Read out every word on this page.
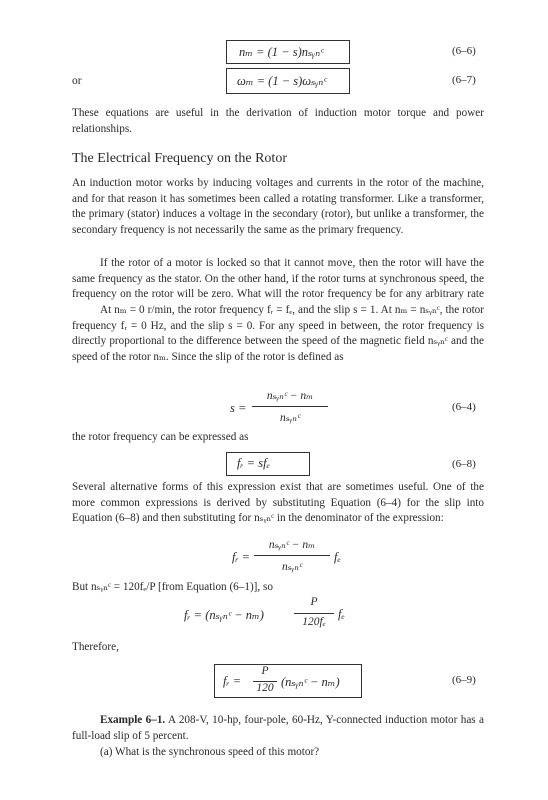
nₘ = (1 − s)nₛᵧₙᶜ	(6–6)
or	ωₘ = (1 − s)ωₛᵧₙᶜ	(6–7)
These equations are useful in the derivation of induction motor torque and power relationships.
The Electrical Frequency on the Rotor
An induction motor works by inducing voltages and currents in the rotor of the machine, and for that reason it has sometimes been called a rotating transformer. Like a transformer, the primary (stator) induces a voltage in the secondary (rotor), but unlike a transformer, the secondary frequency is not necessarily the same as the primary frequency.
If the rotor of a motor is locked so that it cannot move, then the rotor will have the same frequency as the stator. On the other hand, if the rotor turns at synchronous speed, the frequency on the rotor will be zero. What will the rotor frequency be for any arbitrary rate
At nₘ = 0 r/min, the rotor frequency fᵣ = fₑ, and the slip s = 1. At nₘ = nₛᵧₙᶜ, the rotor frequency fᵣ = 0 Hz, and the slip s = 0. For any speed in between, the rotor frequency is directly proportional to the difference between the speed of the magnetic field nₛᵧₙᶜ and the speed of the rotor nₘ. Since the slip of the rotor is defined as
s =
nₛᵧₙᶜ − nₘ
nₛᵧₙᶜ
(6–4)
the rotor frequency can be expressed as
fᵣ = sfₑ	(6–8)
Several alternative forms of this expression exist that are sometimes useful. One of the more common expressions is derived by substituting Equation (6–4) for the slip into Equation (6–8) and then substituting for nₛᵧₙᶜ in the denominator of the expression:
fᵣ =
nₛᵧₙᶜ − nₘ
nₛᵧₙᶜ
fₑ
But nₛᵧₙᶜ = 120fₑ/P [from Equation (6–1)], so
fᵣ = (nₛᵧₙᶜ − nₘ)
P
120fₑ
fₑ
Therefore,
fᵣ =
P
120 (nₛᵧₙᶜ − nₘ)	(6–9)
Example 6–1. A 208-V, 10-hp, four-pole, 60-Hz, Y-connected induction motor has a full-load slip of 5 percent.
(a) What is the synchronous speed of this motor?
